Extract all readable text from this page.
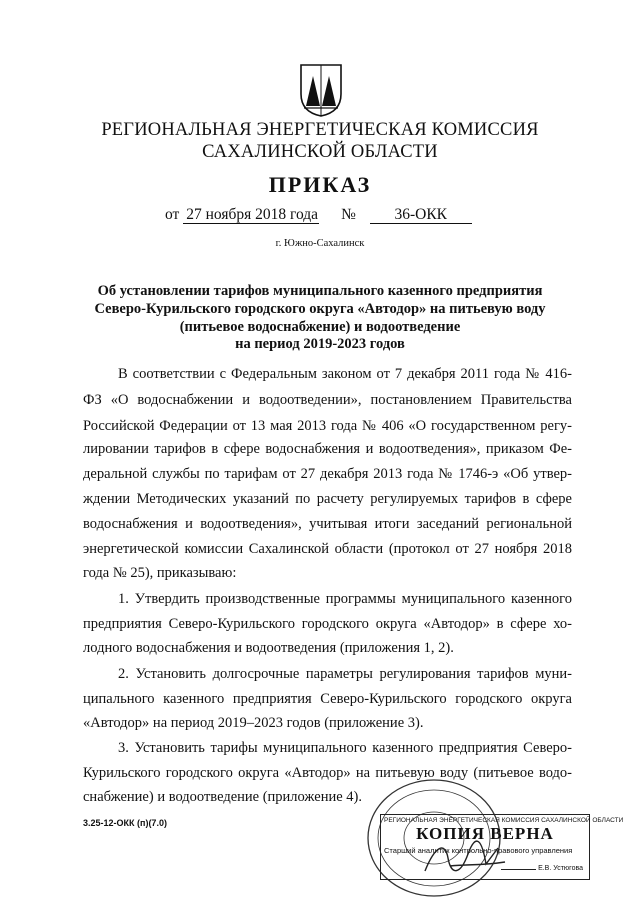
РЕГИОНАЛЬНАЯ ЭНЕРГЕТИЧЕСКАЯ КОМИССИЯ
САХАЛИНСКОЙ ОБЛАСТИ
ПРИКАЗ
от 27 ноября 2018 года № 36-ОКК
г. Южно-Сахалинск
Об установлении тарифов муниципального казенного предприятия
Северо-Курильского городского округа «Автодор» на питьевую воду
(питьевое водоснабжение) и водоотведение
на период 2019-2023 годов
В соответствии с Федеральным законом от 7 декабря 2011 года № 416-
ФЗ «О водоснабжении и водоотведении», постановлением Правительства
Российской Федерации от 13 мая 2013 года № 406 «О государственном регу-
лировании тарифов в сфере водоснабжения и водоотведения», приказом Фе-
деральной службы по тарифам от 27 декабря 2013 года № 1746-э «Об утвер-
ждении Методических указаний по расчету регулируемых тарифов в сфере
водоснабжения и водоотведения», учитывая итоги заседаний региональной
энергетической комиссии Сахалинской области (протокол от 27 ноября 2018
года № 25), приказываю:
1. Утвердить производственные программы муниципального казенного
предприятия Северо-Курильского городского округа «Автодор» в сфере хо-
лодного водоснабжения и водоотведения (приложения 1, 2).
2. Установить долгосрочные параметры регулирования тарифов муни-
ципального казенного предприятия Северо-Курильского городского округа
«Автодор» на период 2019–2023 годов (приложение 3).
3. Установить тарифы муниципального казенного предприятия Северо-
Курильского городского округа «Автодор» на питьевую воду (питьевое водо-
снабжение) и водоотведение (приложение 4).
3.25-12-ОКК (п)(7.0)	РЕГИОНАЛЬНАЯ ЭНЕРГЕТИЧЕСКАЯ КОМИССИЯ САХАЛИНСКОЙ ОБЛАСТИ
КОПИЯ ВЕРНА
Старший аналитик контрольно-правового управления
Е.В. Устюгова
